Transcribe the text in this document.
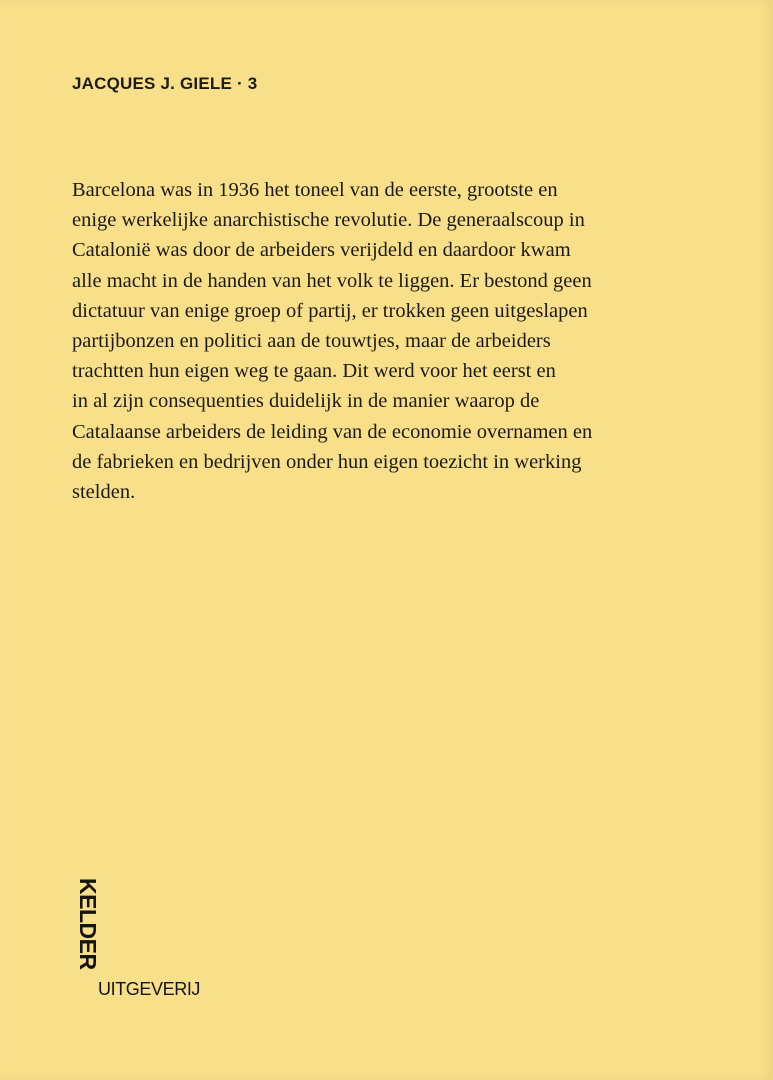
JACQUES J. GIELE · 3

Barcelona was in 1936 het toneel van de eerste, grootste en
enige werkelijke anarchistische revolutie. De generaalscoup in
Catalonië was door de arbeiders verijdeld en daardoor kwam
alle macht in de handen van het volk te liggen. Er bestond geen
dictatuur van enige groep of partij, er trokken geen uitgeslapen
partijbonzen en politici aan de touwtjes, maar de arbeiders
trachtten hun eigen weg te gaan. Dit werd voor het eerst en
in al zijn consequenties duidelijk in de manier waarop de
Catalaanse arbeiders de leiding van de economie overnamen en
de fabrieken en bedrijven onder hun eigen toezicht in werking
stelden.

KELDER
UITGEVERIJ
